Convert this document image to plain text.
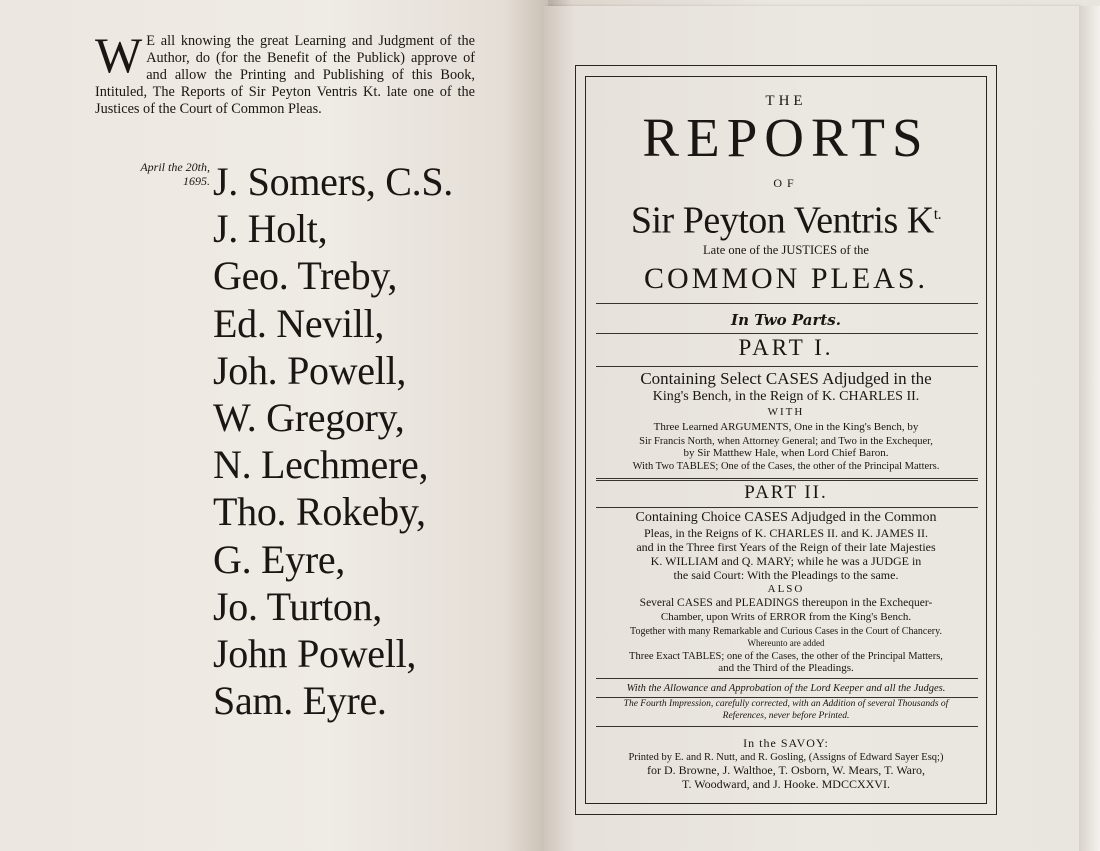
W E all knowing the great Learning and Judgment of the Author, do (for the Benefit of the Publick) approve of and allow the Printing and Publishing of this Book, Intituled, The Reports of Sir Peyton Ventris Kt. late one of the Justices of the Court of Common Pleas.
April the 20th, 1695. J. Somers, C.S.
J. Holt,
Geo. Treby,
Ed. Nevill,
Joh. Powell,
W. Gregory,
N. Lechmere,
Tho. Rokeby,
G. Eyre,
Jo. Turton,
John Powell,
Sam. Eyre.
THE
REPORTS
OF
Sir Peyton Ventris $K^{t.}$
Late one of the JUSTICES of the
COMMON PLEAS.
In Two Parts.
PART I.
Containing Select CASES Adjudged in the
King's Bench, in the Reign of K. CHARLES II.
WITH
Three Learned ARGUMENTS, One in the King's Bench, by
Sir Francis North, when Attorney General; and Two in the Exchequer,
by Sir Matthew Hale, when Lord Chief Baron.
With Two TABLES; One of the Cases, the other of the Principal Matters.
PART II.
Containing Choice CASES Adjudged in the Common
Pleas, in the Reigns of K. CHARLES II. and K. JAMES II.
and in the Three first Years of the Reign of their late Majesties
K. WILLIAM and Q. MARY; while he was a JUDGE in
the said Court: With the Pleadings to the same.
ALSO
Several CASES and PLEADINGS thereupon in the Exchequer-
Chamber, upon Writs of ERROR from the King's Bench.
Together with many Remarkable and Curious Cases in the Court of Chancery.
Whereunto are added
Three Exact TABLES; one of the Cases, the other of the Principal Matters,
and the Third of the Pleadings.
With the Allowance and Approbation of the Lord Keeper and all the Judges.
The Fourth Impression, carefully corrected, with an Addition of several Thousands of
References, never before Printed.
In the SAVOY:
Printed by E. and R. Nutt, and R. Gosling, (Assigns of Edward Sayer Esq;)
for D. Browne, J. Walthoe, T. Osborn, W. Mears, T. Waro,
T. Woodward, and J. Hooke. MDCCXXVI.
